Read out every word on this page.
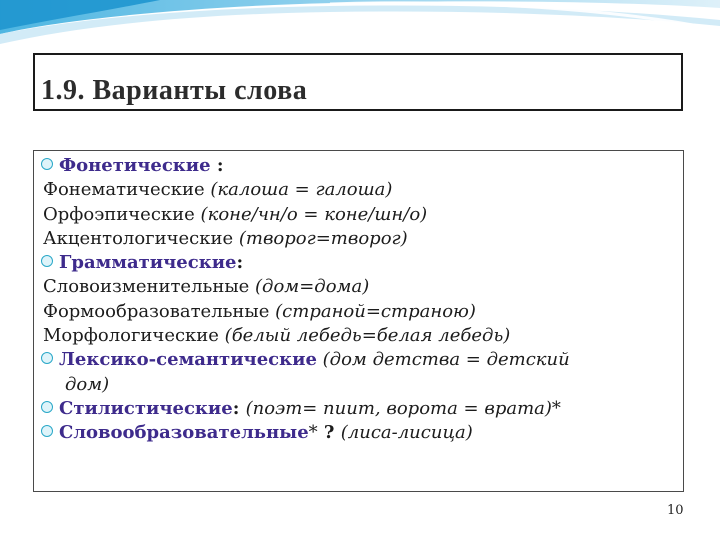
1.9. Варианты слова
Фонетические :
Фонематические (калоша = галоша)
Орфоэпические (коне/чн/о = коне/шн/о)
Акцентологические (творог=творог)
Грамматические:
Словоизменительные (дом=дома)
Формообразовательные (страной=страною)
Морфологические (белый лебедь=белая лебедь)
Лексико-семантические (дом детства = детский
дом)
Стилистические: (поэт= пиит, ворота = врата)*
Словообразовательные* ? (лиса-лисица)
10
